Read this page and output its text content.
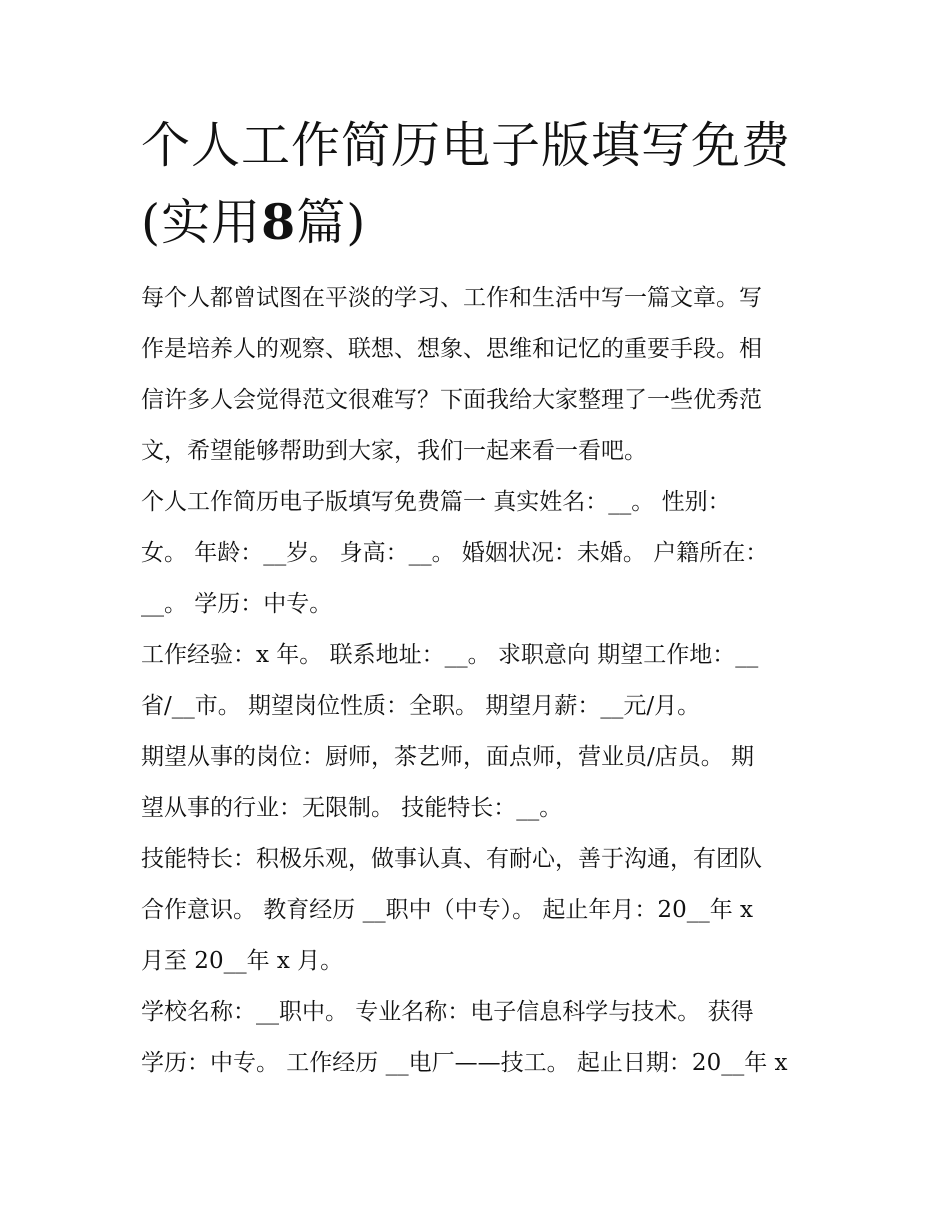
个人工作简历电子版填写免费
(实用8篇)

每个人都曾试图在平淡的学习、工作和生活中写一篇文章。写
作是培养人的观察、联想、想象、思维和记忆的重要手段。相
信许多人会觉得范文很难写？下面我给大家整理了一些优秀范
文，希望能够帮助到大家，我们一起来看一看吧。

个人工作简历电子版填写免费篇一 真实姓名：__。 性别：
女。 年龄：__岁。 身高：__。 婚姻状况：未婚。 户籍所在：
__。 学历：中专。

工作经验：x 年。 联系地址：__。 求职意向 期望工作地：__
省/__市。 期望岗位性质：全职。 期望月薪：__元/月。

期望从事的岗位：厨师，茶艺师，面点师，营业员/店员。 期
望从事的行业：无限制。 技能特长：__。

技能特长：积极乐观，做事认真、有耐心，善于沟通，有团队
合作意识。 教育经历 __职中（中专）。 起止年月：20__年 x
月至 20__年 x 月。

学校名称：__职中。 专业名称：电子信息科学与技术。 获得
学历：中专。 工作经历 __电厂——技工。 起止日期：20__年 x
